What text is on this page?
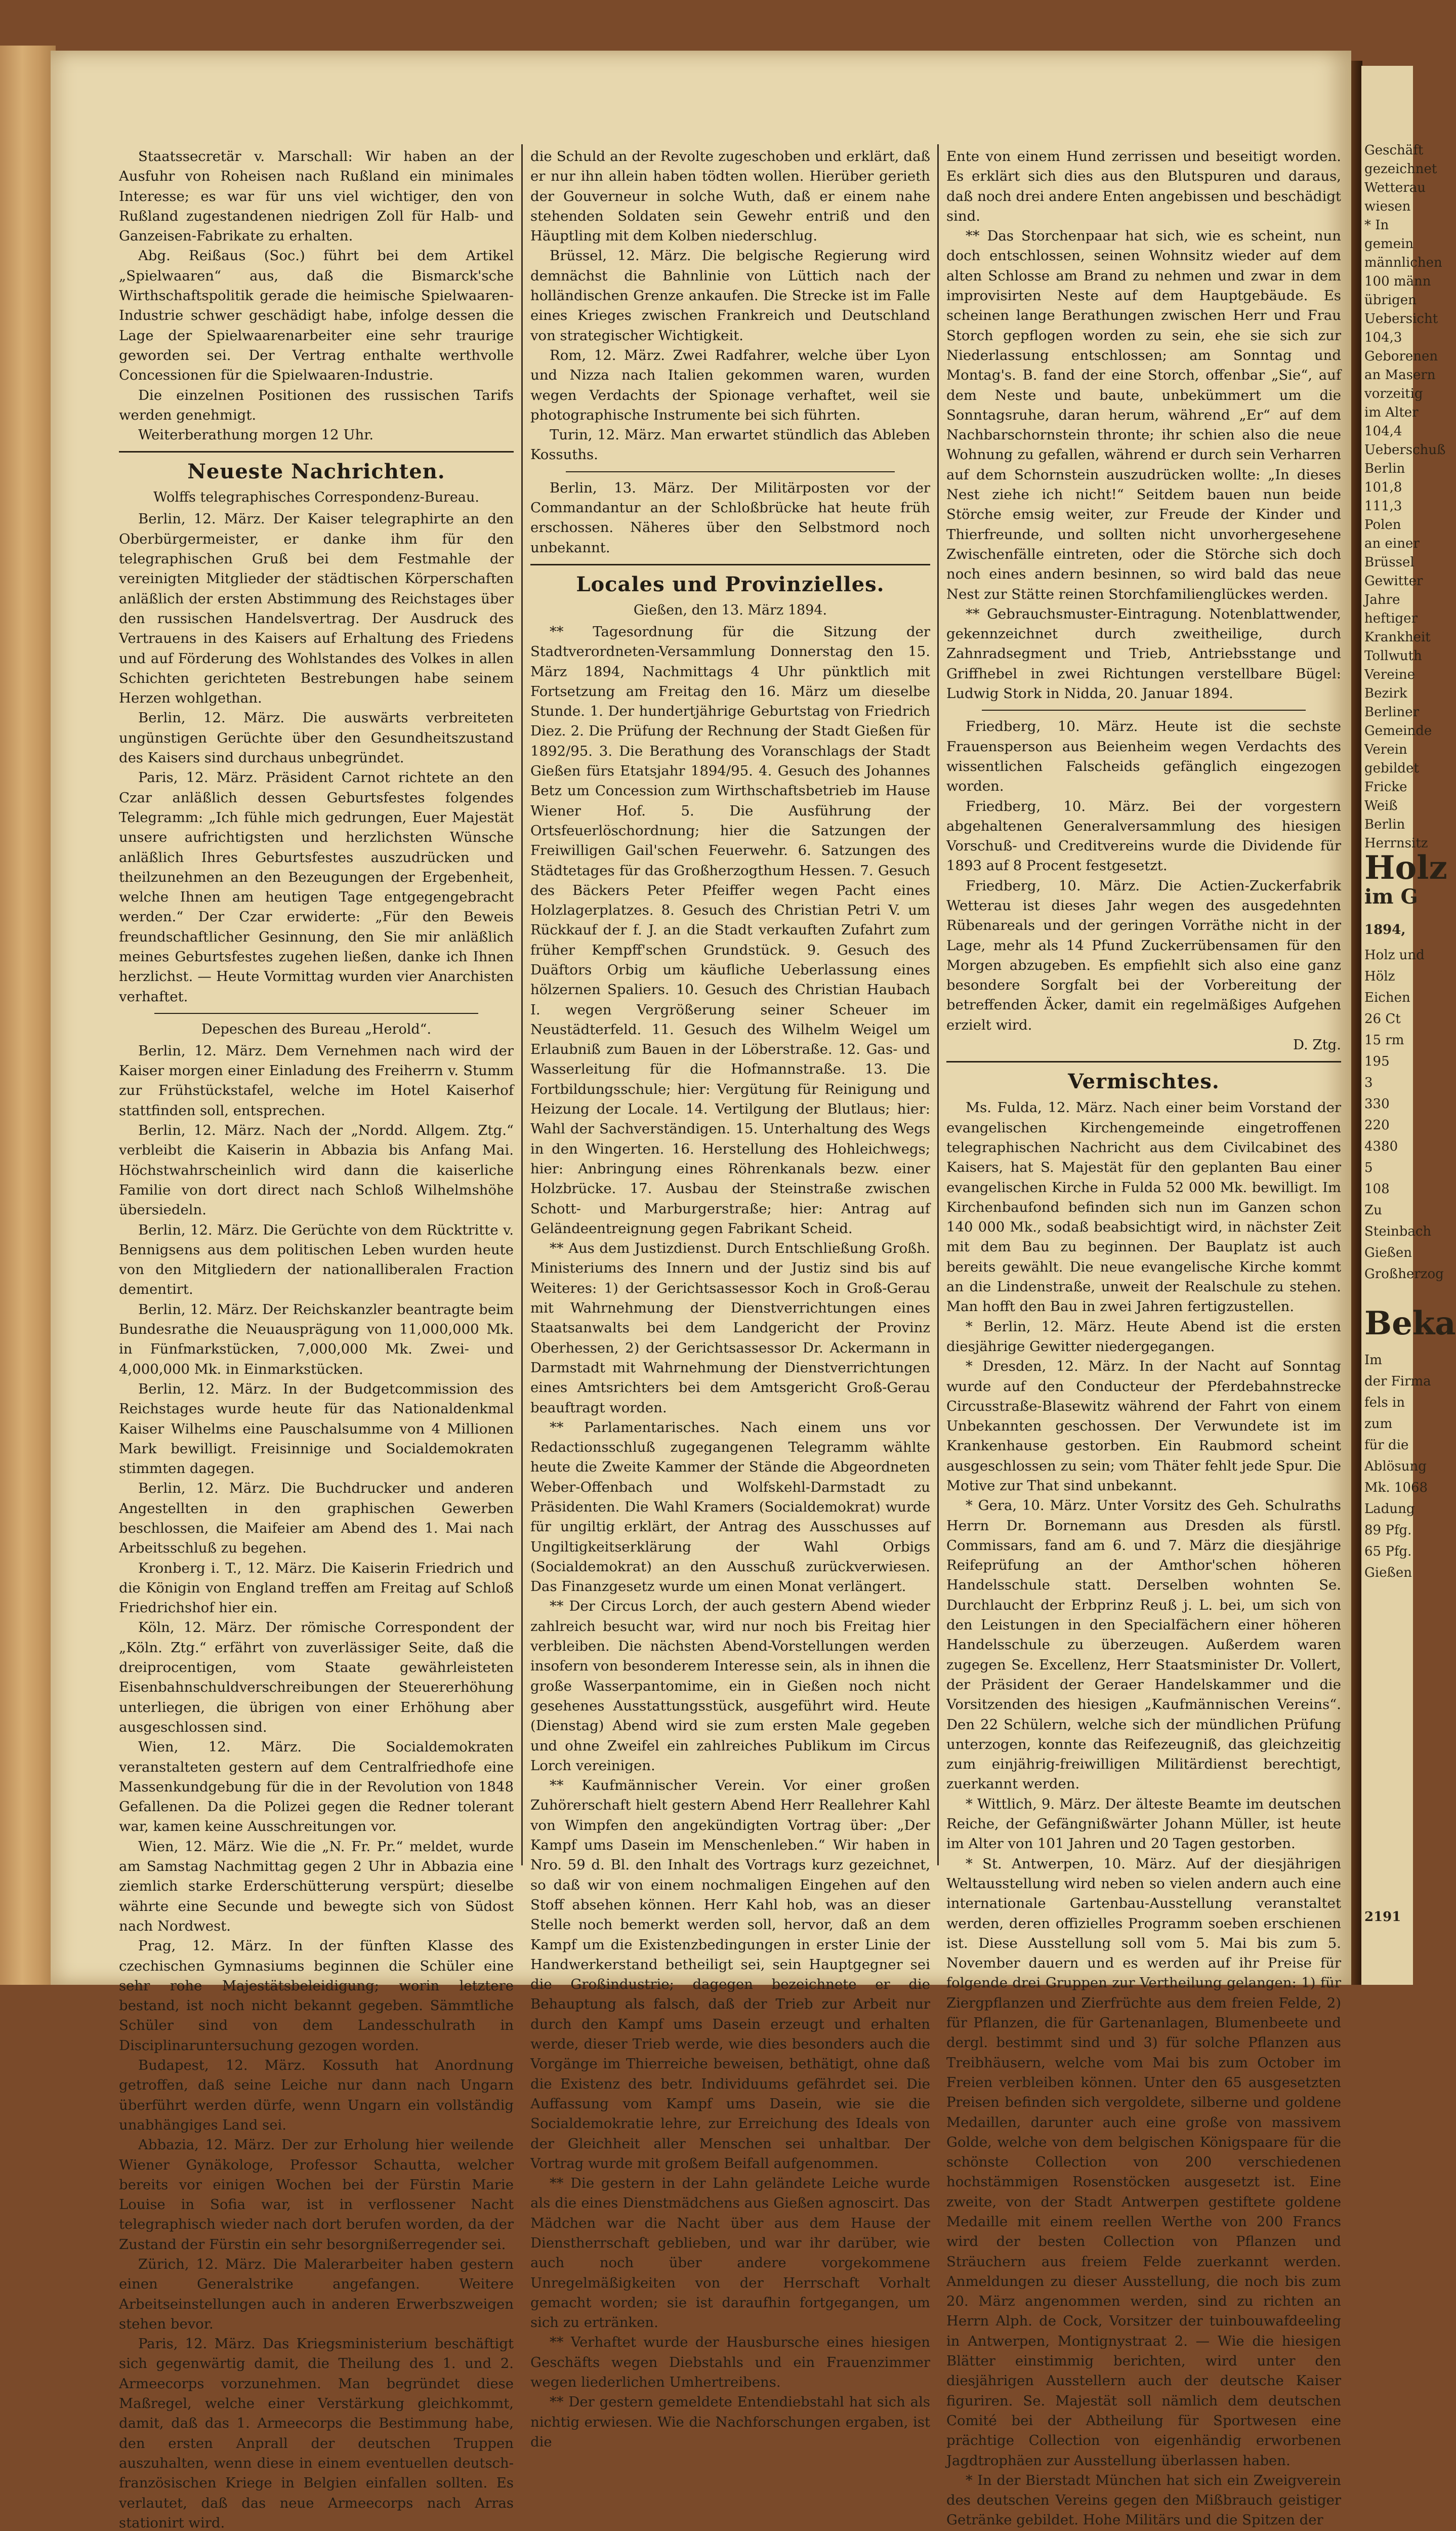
Staatssecretär v. Marschall: Wir haben an der Ausfuhr von Roheisen nach Rußland ein minimales Interesse; es war für uns viel wichtiger, den von Rußland zugestandenen niedrigen Zoll für Halb- und Ganzeisen-Fabrikate zu erhalten.

Abg. Reißaus (Soc.) führt bei dem Artikel „Spielwaaren“ aus, daß die Bismarck'sche Wirthschaftspolitik gerade die heimische Spielwaaren-Industrie schwer geschädigt habe, infolge dessen die Lage der Spielwaarenarbeiter eine sehr traurige geworden sei. Der Vertrag enthalte werthvolle Concessionen für die Spielwaaren-Industrie.

Die einzelnen Positionen des russischen Tarifs werden genehmigt.

Weiterberathung morgen 12 Uhr.

Neueste Nachrichten.
Wolffs telegraphisches Correspondenz-Bureau.

Berlin, 12. März. Der Kaiser telegraphirte an den Oberbürgermeister, er danke ihm für den telegraphischen Gruß bei dem Festmahle der vereinigten Mitglieder der städtischen Körperschaften anläßlich der ersten Abstimmung des Reichstages über den russischen Handelsvertrag. Der Ausdruck des Vertrauens in des Kaisers auf Erhaltung des Friedens und auf Förderung des Wohlstandes des Volkes in allen Schichten gerichteten Bestrebungen habe seinem Herzen wohlgethan.

Berlin, 12. März. Die auswärts verbreiteten ungünstigen Gerüchte über den Gesundheitszustand des Kaisers sind durchaus unbegründet.

Paris, 12. März. Präsident Carnot richtete an den Czar anläßlich dessen Geburtsfestes folgendes Telegramm: „Ich fühle mich gedrungen, Euer Majestät unsere aufrichtigsten und herzlichsten Wünsche anläßlich Ihres Geburtsfestes auszudrücken und theilzunehmen an den Bezeugungen der Ergebenheit, welche Ihnen am heutigen Tage entgegengebracht werden.“ Der Czar erwiderte: „Für den Beweis freundschaftlicher Gesinnung, den Sie mir anläßlich meines Geburtsfestes zugehen ließen, danke ich Ihnen herzlichst. — Heute Vormittag wurden vier Anarchisten verhaftet.

Depeschen des Bureau „Herold“.

Berlin, 12. März. Dem Vernehmen nach wird der Kaiser morgen einer Einladung des Freiherrn v. Stumm zur Frühstückstafel, welche im Hotel Kaiserhof stattfinden soll, entsprechen.

Berlin, 12. März. Nach der „Nordd. Allgem. Ztg.“ verbleibt die Kaiserin in Abbazia bis Anfang Mai. Höchstwahrscheinlich wird dann die kaiserliche Familie von dort direct nach Schloß Wilhelmshöhe übersiedeln.

Berlin, 12. März. Die Gerüchte von dem Rücktritte v. Bennigsens aus dem politischen Leben wurden heute von den Mitgliedern der nationalliberalen Fraction dementirt.

Berlin, 12. März. Der Reichskanzler beantragte beim Bundesrathe die Neuausprägung von 11,000,000 Mk. in Fünfmarkstücken, 7,000,000 Mk. Zwei- und 4,000,000 Mk. in Einmarkstücken.

Berlin, 12. März. In der Budgetcommission des Reichstages wurde heute für das Nationaldenkmal Kaiser Wilhelms eine Pauschalsumme von 4 Millionen Mark bewilligt. Freisinnige und Socialdemokraten stimmten dagegen.

Berlin, 12. März. Die Buchdrucker und anderen Angestellten in den graphischen Gewerben beschlossen, die Maifeier am Abend des 1. Mai nach Arbeitsschluß zu begehen.

Kronberg i. T., 12. März. Die Kaiserin Friedrich und die Königin von England treffen am Freitag auf Schloß Friedrichshof hier ein.

Köln, 12. März. Der römische Correspondent der „Köln. Ztg.“ erfährt von zuverlässiger Seite, daß die dreiprocentigen, vom Staate gewährleisteten Eisenbahnschuldverschreibungen der Steuererhöhung unterliegen, die übrigen von einer Erhöhung aber ausgeschlossen sind.

Wien, 12. März. Die Socialdemokraten veranstalteten gestern auf dem Centralfriedhofe eine Massenkundgebung für die in der Revolution von 1848 Gefallenen. Da die Polizei gegen die Redner tolerant war, kamen keine Ausschreitungen vor.

Wien, 12. März. Wie die „N. Fr. Pr.“ meldet, wurde am Samstag Nachmittag gegen 2 Uhr in Abbazia eine ziemlich starke Erderschütterung verspürt; dieselbe währte eine Secunde und bewegte sich von Südost nach Nordwest.

Prag, 12. März. In der fünften Klasse des czechischen Gymnasiums beginnen die Schüler eine sehr rohe Majestätsbeleidigung; worin letztere bestand, ist noch nicht bekannt gegeben. Sämmtliche Schüler sind von dem Landesschulrath in Disciplinaruntersuchung gezogen worden.

Budapest, 12. März. Kossuth hat Anordnung getroffen, daß seine Leiche nur dann nach Ungarn überführt werden dürfe, wenn Ungarn ein vollständig unabhängiges Land sei.

Abbazia, 12. März. Der zur Erholung hier weilende Wiener Gynäkologe, Professor Schautta, welcher bereits vor einigen Wochen bei der Fürstin Marie Louise in Sofia war, ist in verflossener Nacht telegraphisch wieder nach dort berufen worden, da der Zustand der Fürstin ein sehr besorgnißerregender sei.

Zürich, 12. März. Die Malerarbeiter haben gestern einen Generalstrike angefangen. Weitere Arbeitseinstellungen auch in anderen Erwerbszweigen stehen bevor.

Paris, 12. März. Das Kriegsministerium beschäftigt sich gegenwärtig damit, die Theilung des 1. und 2. Armeecorps vorzunehmen. Man begründet diese Maßregel, welche einer Verstärkung gleichkommt, damit, daß das 1. Armeecorps die Bestimmung habe, den ersten Anprall der deutschen Truppen auszuhalten, wenn diese in einem eventuellen deutsch-französischen Kriege in Belgien einfallen sollten. Es verlautet, daß das neue Armeecorps nach Arras stationirt wird.

die Schuld an der Revolte zugeschoben und erklärt, daß er nur ihn allein haben tödten wollen. Hierüber gerieth der Gouverneur in solche Wuth, daß er einem nahe stehenden Soldaten sein Gewehr entriß und den Häuptling mit dem Kolben niederschlug.

Brüssel, 12. März. Die belgische Regierung wird demnächst die Bahnlinie von Lüttich nach der holländischen Grenze ankaufen. Die Strecke ist im Falle eines Krieges zwischen Frankreich und Deutschland von strategischer Wichtigkeit.

Rom, 12. März. Zwei Radfahrer, welche über Lyon und Nizza nach Italien gekommen waren, wurden wegen Verdachts der Spionage verhaftet, weil sie photographische Instrumente bei sich führten.

Turin, 12. März. Man erwartet stündlich das Ableben Kossuths.

Berlin, 13. März. Der Militärposten vor der Commandantur an der Schloßbrücke hat heute früh erschossen. Näheres über den Selbstmord noch unbekannt.

Locales und Provinzielles.
Gießen, den 13. März 1894.

** Tagesordnung für die Sitzung der Stadtverordneten-Versammlung Donnerstag den 15. März 1894, Nachmittags 4 Uhr pünktlich mit Fortsetzung am Freitag den 16. März um dieselbe Stunde. 1. Der hundertjährige Geburtstag von Friedrich Diez. 2. Die Prüfung der Rechnung der Stadt Gießen für 1892/95. 3. Die Berathung des Voranschlags der Stadt Gießen fürs Etatsjahr 1894/95. 4. Gesuch des Johannes Betz um Concession zum Wirthschaftsbetrieb im Hause Wiener Hof. 5. Die Ausführung der Ortsfeuerlöschordnung; hier die Satzungen der Freiwilligen Gail'schen Feuerwehr. 6. Satzungen des Städtetages für das Großherzogthum Hessen. 7. Gesuch des Bäckers Peter Pfeiffer wegen Pacht eines Holzlagerplatzes. 8. Gesuch des Christian Petri V. um Rückkauf der f. J. an die Stadt verkauften Zufahrt zum früher Kempff'schen Grundstück. 9. Gesuch des Duäftors Orbig um käufliche Ueberlassung eines hölzernen Spaliers. 10. Gesuch des Christian Haubach I. wegen Vergrößerung seiner Scheuer im Neustädterfeld. 11. Gesuch des Wilhelm Weigel um Erlaubniß zum Bauen in der Löberstraße. 12. Gas- und Wasserleitung für die Hofmannstraße. 13. Die Fortbildungsschule; hier: Vergütung für Reinigung und Heizung der Locale. 14. Vertilgung der Blutlaus; hier: Wahl der Sachverständigen. 15. Unterhaltung des Wegs in den Wingerten. 16. Herstellung des Hohleichwegs; hier: Anbringung eines Röhrenkanals bezw. einer Holzbrücke. 17. Ausbau der Steinstraße zwischen Schott- und Marburgerstraße; hier: Antrag auf Geländeentreignung gegen Fabrikant Scheid.

** Aus dem Justizdienst. Durch Entschließung Großh. Ministeriums des Innern und der Justiz sind bis auf Weiteres: 1) der Gerichtsassessor Koch in Groß-Gerau mit Wahrnehmung der Dienstverrichtungen eines Staatsanwalts bei dem Landgericht der Provinz Oberhessen, 2) der Gerichtsassessor Dr. Ackermann in Darmstadt mit Wahrnehmung der Dienstverrichtungen eines Amtsrichters bei dem Amtsgericht Groß-Gerau beauftragt worden.

** Parlamentarisches. Nach einem uns vor Redactionsschluß zugegangenen Telegramm wählte heute die Zweite Kammer der Stände die Abgeordneten Weber-Offenbach und Wolfskehl-Darmstadt zu Präsidenten. Die Wahl Kramers (Socialdemokrat) wurde für ungiltig erklärt, der Antrag des Ausschusses auf Ungiltigkeitserklärung der Wahl Orbigs (Socialdemokrat) an den Ausschuß zurückverwiesen. Das Finanzgesetz wurde um einen Monat verlängert.

** Der Circus Lorch, der auch gestern Abend wieder zahlreich besucht war, wird nur noch bis Freitag hier verbleiben. Die nächsten Abend-Vorstellungen werden insofern von besonderem Interesse sein, als in ihnen die große Wasserpantomime, ein in Gießen noch nicht gesehenes Ausstattungsstück, ausgeführt wird. Heute (Dienstag) Abend wird sie zum ersten Male gegeben und ohne Zweifel ein zahlreiches Publikum im Circus Lorch vereinigen.

** Kaufmännischer Verein. Vor einer großen Zuhörerschaft hielt gestern Abend Herr Reallehrer Kahl von Wimpfen den angekündigten Vortrag über: „Der Kampf ums Dasein im Menschenleben.“ Wir haben in Nro. 59 d. Bl. den Inhalt des Vortrags kurz gezeichnet, so daß wir von einem nochmaligen Eingehen auf den Stoff absehen können. Herr Kahl hob, was an dieser Stelle noch bemerkt werden soll, hervor, daß an dem Kampf um die Existenzbedingungen in erster Linie der Handwerkerstand betheiligt sei, sein Hauptgegner sei die Großindustrie; dagegen bezeichnete er die Behauptung als falsch, daß der Trieb zur Arbeit nur durch den Kampf ums Dasein erzeugt und erhalten werde, dieser Trieb werde, wie dies besonders auch die Vorgänge im Thierreiche beweisen, bethätigt, ohne daß die Existenz des betr. Individuums gefährdet sei. Die Auffassung vom Kampf ums Dasein, wie sie die Socialdemokratie lehre, zur Erreichung des Ideals von der Gleichheit aller Menschen sei unhaltbar. Der Vortrag wurde mit großem Beifall aufgenommen.

** Die gestern in der Lahn geländete Leiche wurde als die eines Dienstmädchens aus Gießen agnoscirt. Das Mädchen war die Nacht über aus dem Hause der Dienstherrschaft geblieben, und war ihr darüber, wie auch noch über andere vorgekommene Unregelmäßigkeiten von der Herrschaft Vorhalt gemacht worden; sie ist daraufhin fortgegangen, um sich zu ertränken.

** Verhaftet wurde der Hausbursche eines hiesigen Geschäfts wegen Diebstahls und ein Frauenzimmer wegen liederlichen Umhertreibens.

** Der gestern gemeldete Entendiebstahl hat sich als nichtig erwiesen. Wie die Nachforschungen ergaben, ist die

Ente von einem Hund zerrissen und beseitigt worden. Es erklärt sich dies aus den Blutspuren und daraus, daß noch drei andere Enten angebissen und beschädigt sind.

** Das Storchenpaar hat sich, wie es scheint, nun doch entschlossen, seinen Wohnsitz wieder auf dem alten Schlosse am Brand zu nehmen und zwar in dem improvisirten Neste auf dem Hauptgebäude. Es scheinen lange Berathungen zwischen Herr und Frau Storch gepflogen worden zu sein, ehe sie sich zur Niederlassung entschlossen; am Sonntag und Montag's. B. fand der eine Storch, offenbar „Sie“, auf dem Neste und baute, unbekümmert um die Sonntagsruhe, daran herum, während „Er“ auf dem Nachbarschornstein thronte; ihr schien also die neue Wohnung zu gefallen, während er durch sein Verharren auf dem Schornstein auszudrücken wollte: „In dieses Nest ziehe ich nicht!“ Seitdem bauen nun beide Störche emsig weiter, zur Freude der Kinder und Thierfreunde, und sollten nicht unvorhergesehene Zwischenfälle eintreten, oder die Störche sich doch noch eines andern besinnen, so wird bald das neue Nest zur Stätte reinen Storchfamilienglückes werden.

** Gebrauchsmuster-Eintragung. Notenblattwender, gekennzeichnet durch zweitheilige, durch Zahnradsegment und Trieb, Antriebsstange und Griffhebel in zwei Richtungen verstellbare Bügel: Ludwig Stork in Nidda, 20. Januar 1894.

Friedberg, 10. März. Heute ist die sechste Frauensperson aus Beienheim wegen Verdachts des wissentlichen Falscheids gefänglich eingezogen worden.

Friedberg, 10. März. Bei der vorgestern abgehaltenen Generalversammlung des hiesigen Vorschuß- und Creditvereins wurde die Dividende für 1893 auf 8 Procent festgesetzt.

Friedberg, 10. März. Die Actien-Zuckerfabrik Wetterau ist dieses Jahr wegen des ausgedehnten Rübenareals und der geringen Vorräthe nicht in der Lage, mehr als 14 Pfund Zuckerrübensamen für den Morgen abzugeben. Es empfiehlt sich also eine ganz besondere Sorgfalt bei der Vorbereitung der betreffenden Äcker, damit ein regelmäßiges Aufgehen erzielt wird.

D. Ztg.
Vermischtes.

Ms. Fulda, 12. März. Nach einer beim Vorstand der evangelischen Kirchengemeinde eingetroffenen telegraphischen Nachricht aus dem Civilcabinet des Kaisers, hat S. Majestät für den geplanten Bau einer evangelischen Kirche in Fulda 52 000 Mk. bewilligt. Im Kirchenbaufond befinden sich nun im Ganzen schon 140 000 Mk., sodaß beabsichtigt wird, in nächster Zeit mit dem Bau zu beginnen. Der Bauplatz ist auch bereits gewählt. Die neue evangelische Kirche kommt an die Lindenstraße, unweit der Realschule zu stehen. Man hofft den Bau in zwei Jahren fertigzustellen.

* Berlin, 12. März. Heute Abend ist die ersten diesjährige Gewitter niedergegangen.

* Dresden, 12. März. In der Nacht auf Sonntag wurde auf den Conducteur der Pferdebahnstrecke Circusstraße-Blasewitz während der Fahrt von einem Unbekannten geschossen. Der Verwundete ist im Krankenhause gestorben. Ein Raubmord scheint ausgeschlossen zu sein; vom Thäter fehlt jede Spur. Die Motive zur That sind unbekannt.

* Gera, 10. März. Unter Vorsitz des Geh. Schulraths Herrn Dr. Bornemann aus Dresden als fürstl. Commissars, fand am 6. und 7. März die diesjährige Reifeprüfung an der Amthor'schen höheren Handelsschule statt. Derselben wohnten Se. Durchlaucht der Erbprinz Reuß j. L. bei, um sich von den Leistungen in den Specialfächern einer höheren Handelsschule zu überzeugen. Außerdem waren zugegen Se. Excellenz, Herr Staatsminister Dr. Vollert, der Präsident der Geraer Handelskammer und die Vorsitzenden des hiesigen „Kaufmännischen Vereins“. Den 22 Schülern, welche sich der mündlichen Prüfung unterzogen, konnte das Reifezeugniß, das gleichzeitig zum einjährig-freiwilligen Militärdienst berechtigt, zuerkannt werden.

* Wittlich, 9. März. Der älteste Beamte im deutschen Reiche, der Gefängnißwärter Johann Müller, ist heute im Alter von 101 Jahren und 20 Tagen gestorben.

* St. Antwerpen, 10. März. Auf der diesjährigen Weltausstellung wird neben so vielen andern auch eine internationale Gartenbau-Ausstellung veranstaltet werden, deren offizielles Programm soeben erschienen ist. Diese Ausstellung soll vom 5. Mai bis zum 5. November dauern und es werden auf ihr Preise für folgende drei Gruppen zur Vertheilung gelangen: 1) für Ziergpflanzen und Zierfrüchte aus dem freien Felde, 2) für Pflanzen, die für Gartenanlagen, Blumenbeete und dergl. bestimmt sind und 3) für solche Pflanzen aus Treibhäusern, welche vom Mai bis zum October im Freien verbleiben können. Unter den 65 ausgesetzten Preisen befinden sich vergoldete, silberne und goldene Medaillen, darunter auch eine große von massivem Golde, welche von dem belgischen Königspaare für die schönste Collection von 200 verschiedenen hochstämmigen Rosenstöcken ausgesetzt ist. Eine zweite, von der Stadt Antwerpen gestiftete goldene Medaille mit einem reellen Werthe von 200 Francs wird der besten Collection von Pflanzen und Sträuchern aus freiem Felde zuerkannt werden. Anmeldungen zu dieser Ausstellung, die noch bis zum 20. März angenommen werden, sind zu richten an Herrn Alph. de Cock, Vorsitzer der tuinbouwafdeeling in Antwerpen, Montignystraat 2. — Wie die hiesigen Blätter einstimmig berichten, wird unter den diesjährigen Ausstellern auch der deutsche Kaiser figuriren. Se. Majestät soll nämlich dem deutschen Comité bei der Abtheilung für Sportwesen eine prächtige Collection von eigenhändig erworbenen Jagdtrophäen zur Ausstellung überlassen haben.

* In der Bierstadt München hat sich ein Zweigverein des deutschen Vereins gegen den Mißbrauch geistiger Getränke gebildet. Hohe Militärs und die Spitzen der

Geschäft
gezeichnet
Wetterau
wiesen
* In
gemein
männlichen
100 männ
übrigen
Uebersicht
104,3
Geborenen
an Masern
vorzeitig
im Alter
104,4
Ueberschuß
Berlin
101,8
111,3
Polen
an einer
Brüssel
Gewitter
Jahre
heftiger
Krankheit
Tollwuth
Vereine
Bezirk
Berliner
Gemeinde
Verein
gebildet
Fricke
Weiß
Berlin
Herrnsitz
Holz
im G
1894,
Holz und
Hölz
Eichen
26 Ct
15 rm
195
3
330
220
4380
5
108
Zu
Steinbach
Gießen
Großherzog
Beka
Im
der Firma
fels in
zum
für die
Ablösung
Mk. 1068
Ladung
89 Pfg.
65 Pfg.
Gießen
2191
